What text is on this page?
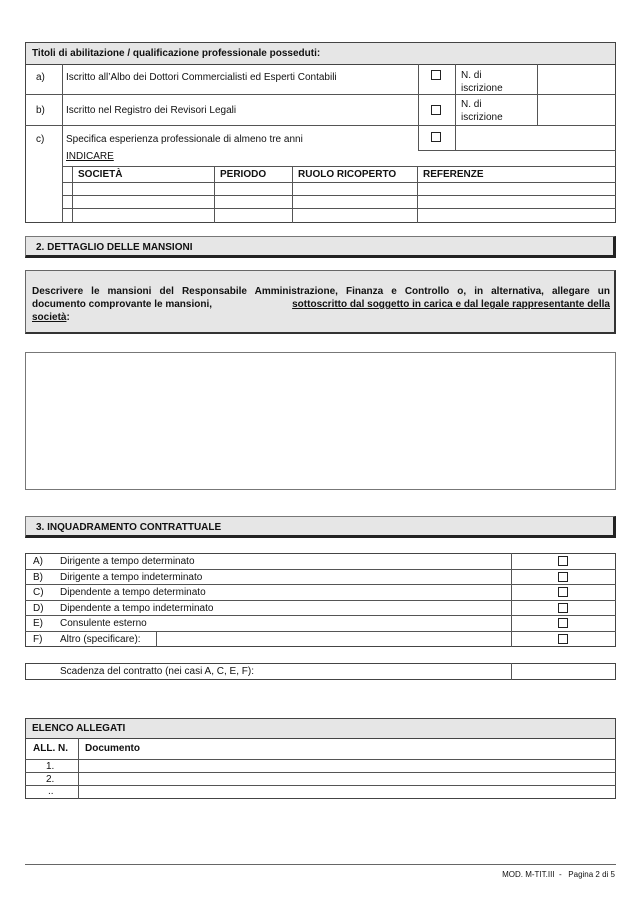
Titoli di abilitazione / qualificazione professionale posseduti:
a) Iscritto all’Albo dei Dottori Commercialisti ed Esperti Contabili	N. di
iscrizione
b) Iscritto nel Registro dei Revisori Legali
N. di
iscrizione
c) Specifica esperienza professionale di almeno tre anni
INDICARE
SOCIETÀ	PERIODO	RUOLO RICOPERTO	REFERENZE
2. DETTAGLIO DELLE MANSIONI
Descrivere le mansioni del Responsabile Amministrazione, Finanza e Controllo o, in alternativa, allegare un
documento comprovante le mansioni,	sottoscritto dal soggetto in carica e dal legale rappresentante della
società:
3. INQUADRAMENTO CONTRATTUALE
A) Dirigente a tempo determinato
B) Dirigente a tempo indeterminato
C) Dipendente a tempo determinato
D) Dipendente a tempo indeterminato
E) Consulente esterno
F) Altro (specificare):
Scadenza del contratto (nei casi A, C, E, F):
ELENCO ALLEGATI
ALL. N. Documento
1.
2.
..
MOD. M-TIT.III  -   Pagina 2 di 5
